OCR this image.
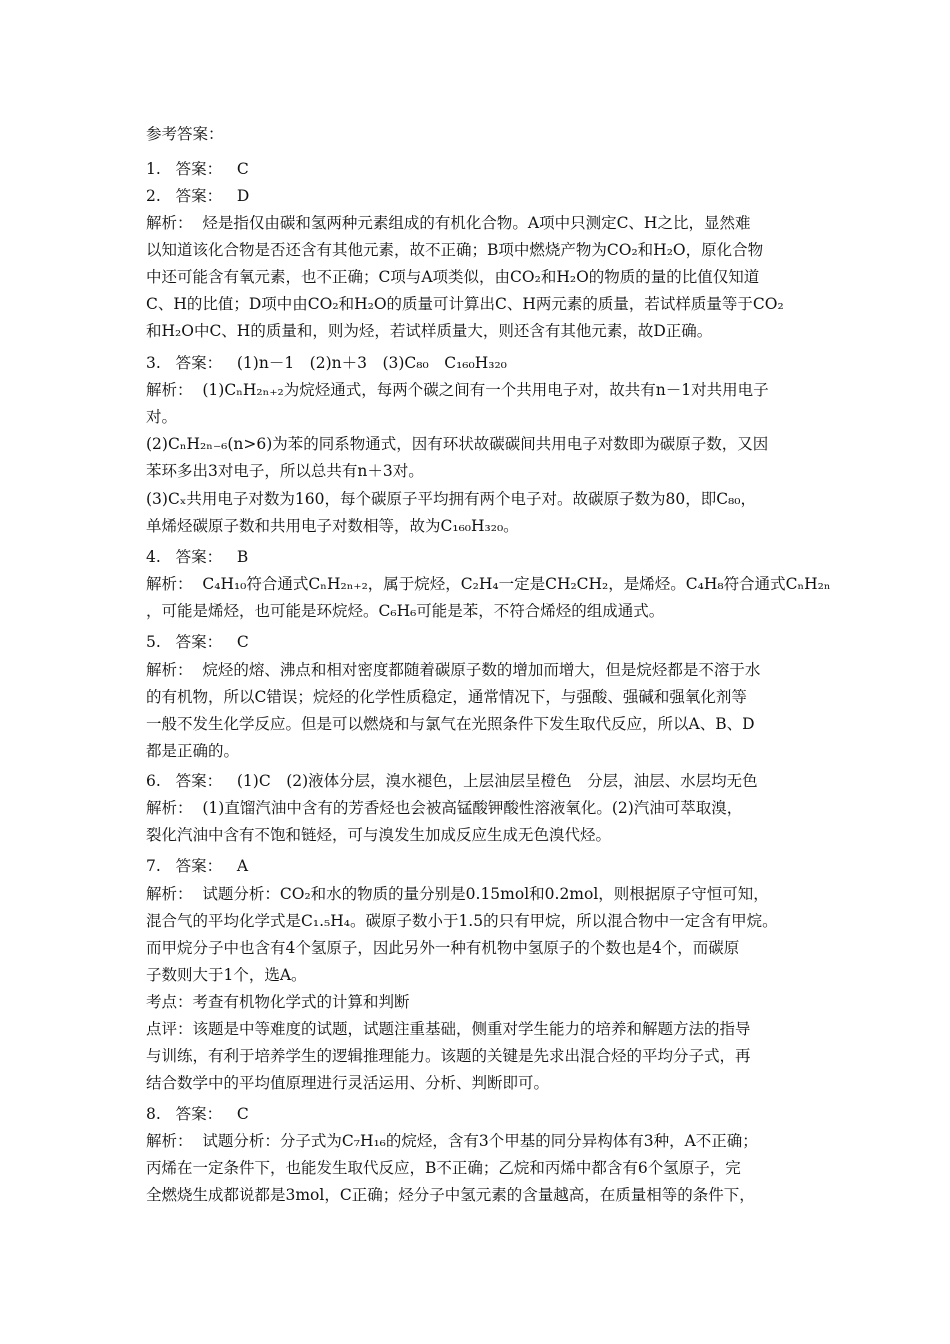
参考答案：
1. 答案： C
2. 答案： D
解析： 烃是指仅由碳和氢两种元素组成的有机化合物。A项中只测定C、H之比，显然难
以知道该化合物是否还含有其他元素，故不正确；B项中燃烧产物为CO₂和H₂O，原化合物
中还可能含有氧元素，也不正确；C项与A项类似，由CO₂和H₂O的物质的量的比值仅知道
C、H的比值；D项中由CO₂和H₂O的质量可计算出C、H两元素的质量，若试样质量等于CO₂
和H₂O中C、H的质量和，则为烃，若试样质量大，则还含有其他元素，故D正确。
3. 答案： (1)n－1　(2)n＋3　(3)C₈₀　C₁₆₀H₃₂₀
解析： (1)CₙH₂ₙ₊₂为烷烃通式，每两个碳之间有一个共用电子对，故共有n－1对共用电子
对。
(2)CₙH₂ₙ₋₆(n>6)为苯的同系物通式，因有环状故碳碳间共用电子对数即为碳原子数，又因
苯环多出3对电子，所以总共有n＋3对。
(3)Cₓ共用电子对数为160，每个碳原子平均拥有两个电子对。故碳原子数为80，即C₈₀，
单烯烃碳原子数和共用电子对数相等，故为C₁₆₀H₃₂₀。
4. 答案： B
解析： C₄H₁₀符合通式CₙH₂ₙ₊₂，属于烷烃，C₂H₄一定是CH₂CH₂，是烯烃。C₄H₈符合通式CₙH₂ₙ
，可能是烯烃，也可能是环烷烃。C₆H₆可能是苯，不符合烯烃的组成通式。
5. 答案： C
解析： 烷烃的熔、沸点和相对密度都随着碳原子数的增加而增大，但是烷烃都是不溶于水
的有机物，所以C错误；烷烃的化学性质稳定，通常情况下，与强酸、强碱和强氧化剂等
一般不发生化学反应。但是可以燃烧和与氯气在光照条件下发生取代反应，所以A、B、D
都是正确的。
6. 答案： (1)C　(2)液体分层，溴水褪色，上层油层呈橙色　分层，油层、水层均无色
解析： (1)直馏汽油中含有的芳香烃也会被高锰酸钾酸性溶液氧化。(2)汽油可萃取溴，
裂化汽油中含有不饱和链烃，可与溴发生加成反应生成无色溴代烃。
7. 答案： A
解析： 试题分析：CO₂和水的物质的量分别是0.15mol和0.2mol，则根据原子守恒可知，
混合气的平均化学式是C₁.₅H₄。碳原子数小于1.5的只有甲烷，所以混合物中一定含有甲烷。
而甲烷分子中也含有4个氢原子，因此另外一种有机物中氢原子的个数也是4个，而碳原
子数则大于1个，选A。
考点：考查有机物化学式的计算和判断
点评：该题是中等难度的试题，试题注重基础，侧重对学生能力的培养和解题方法的指导
与训练，有利于培养学生的逻辑推理能力。该题的关键是先求出混合烃的平均分子式，再
结合数学中的平均值原理进行灵活运用、分析、判断即可。
8. 答案： C
解析： 试题分析：分子式为C₇H₁₆的烷烃，含有3个甲基的同分异构体有3种，A不正确；
丙烯在一定条件下，也能发生取代反应，B不正确；乙烷和丙烯中都含有6个氢原子，完
全燃烧生成都说都是3mol，C正确；烃分子中氢元素的含量越高，在质量相等的条件下，
